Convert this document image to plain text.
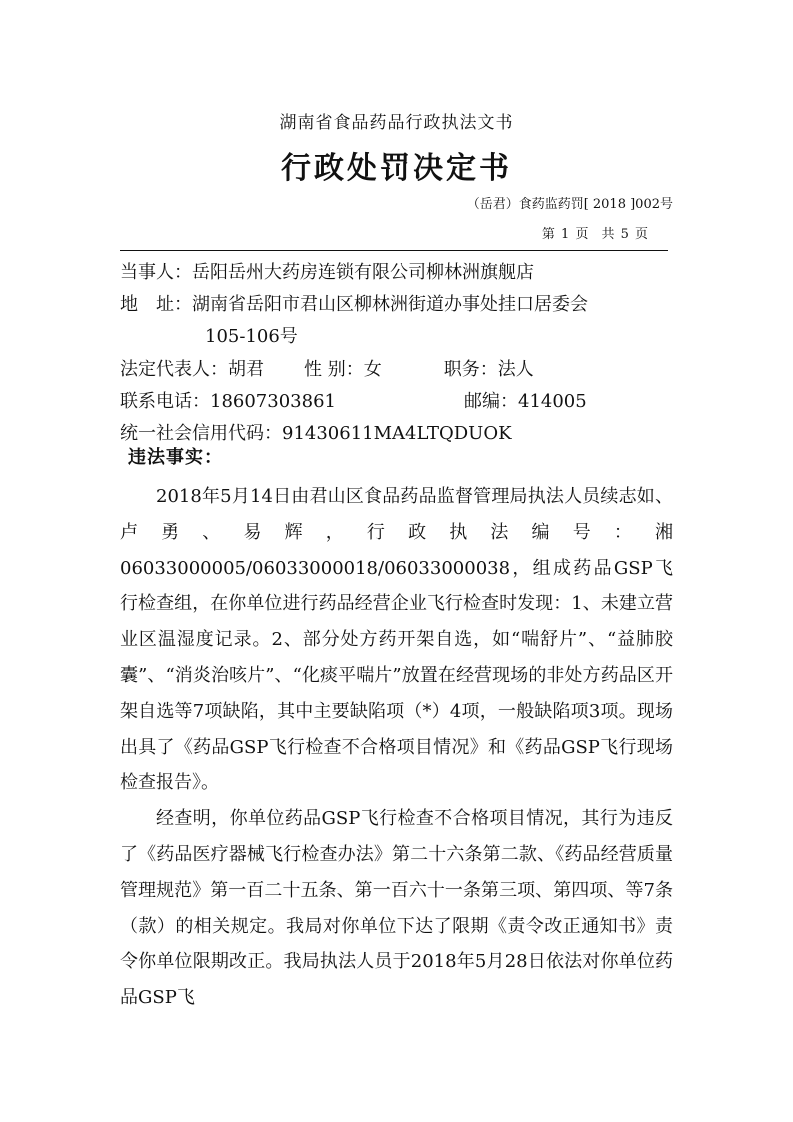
湖南省食品药品行政执法文书
行政处罚决定书
（岳君）食药监药罚[ 2018 ]002号
第 1 页　共 5 页
当事人：岳阳岳州大药房连锁有限公司柳林洲旗舰店
地　址：湖南省岳阳市君山区柳林洲街道办事处挂口居委会
105-106号
法定代表人：胡君 性 别：女	职务：法人
联系电话：18607303861	邮编：414005
统一社会信用代码：91430611MA4LTQDUOK
违法事实：

2018年5月14日由君山区食品药品监督管理局执法人员续志如、卢勇、易辉，行政执法编号：湘06033000005/06033000018/06033000038，组成药品GSP飞行检查组，在你单位进行药品经营企业飞行检查时发现：1、未建立营业区温湿度记录。2、部分处方药开架自选，如“喘舒片”、“益肺胶囊”、“消炎治咳片”、“化痰平喘片”放置在经营现场的非处方药品区开架自选等7项缺陷，其中主要缺陷项（*）4项，一般缺陷项3项。现场出具了《药品GSP飞行检查不合格项目情况》和《药品GSP飞行现场检查报告》。

经查明，你单位药品GSP飞行检查不合格项目情况，其行为违反了《药品医疗器械飞行检查办法》第二十六条第二款、《药品经营质量管理规范》第一百二十五条、第一百六十一条第三项、第四项、等7条（款）的相关规定。我局对你单位下达了限期《责令改正通知书》责令你单位限期改正。我局执法人员于2018年5月28日依法对你单位药品GSP飞
